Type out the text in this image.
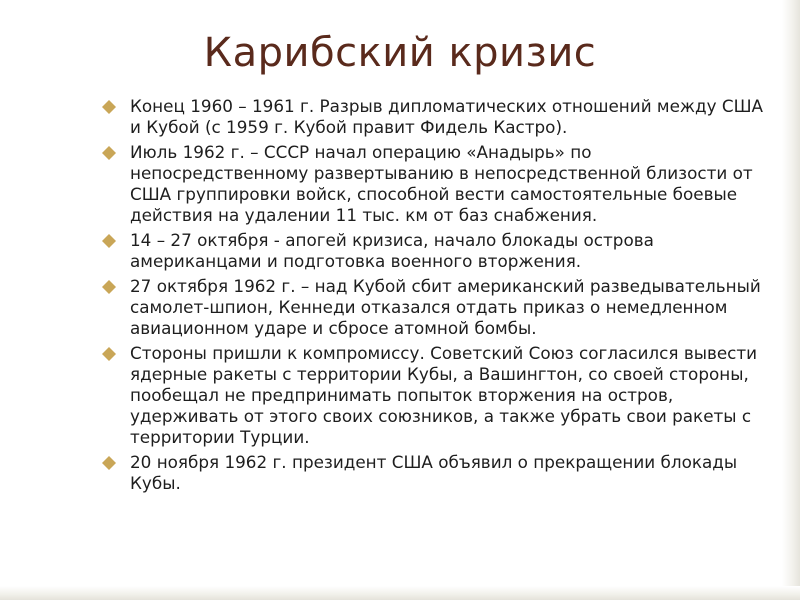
Карибский кризис
Конец 1960 – 1961 г. Разрыв дипломатических отношений между США и Кубой (с 1959 г. Кубой правит Фидель Кастро).
Июль 1962 г. – СССР начал операцию «Анадырь» по непосредственному развертыванию в непосредственной близости от США группировки войск, способной вести самостоятельные боевые действия на удалении 11 тыс. км от баз снабжения.
14 – 27 октября - апогей кризиса, начало блокады острова американцами и подготовка военного вторжения.
27 октября 1962 г. – над Кубой сбит американский разведывательный самолет-шпион, Кеннеди отказался отдать приказ о немедленном авиационном ударе и сбросе атомной бомбы.
Стороны пришли к компромиссу. Советский Союз согласился вывести ядерные ракеты с территории Кубы, а Вашингтон, со своей стороны, пообещал не предпринимать попыток вторжения на остров, удерживать от этого своих союзников, а также убрать свои ракеты с территории Турции.
20 ноября 1962 г. президент США объявил о прекращении блокады Кубы.
